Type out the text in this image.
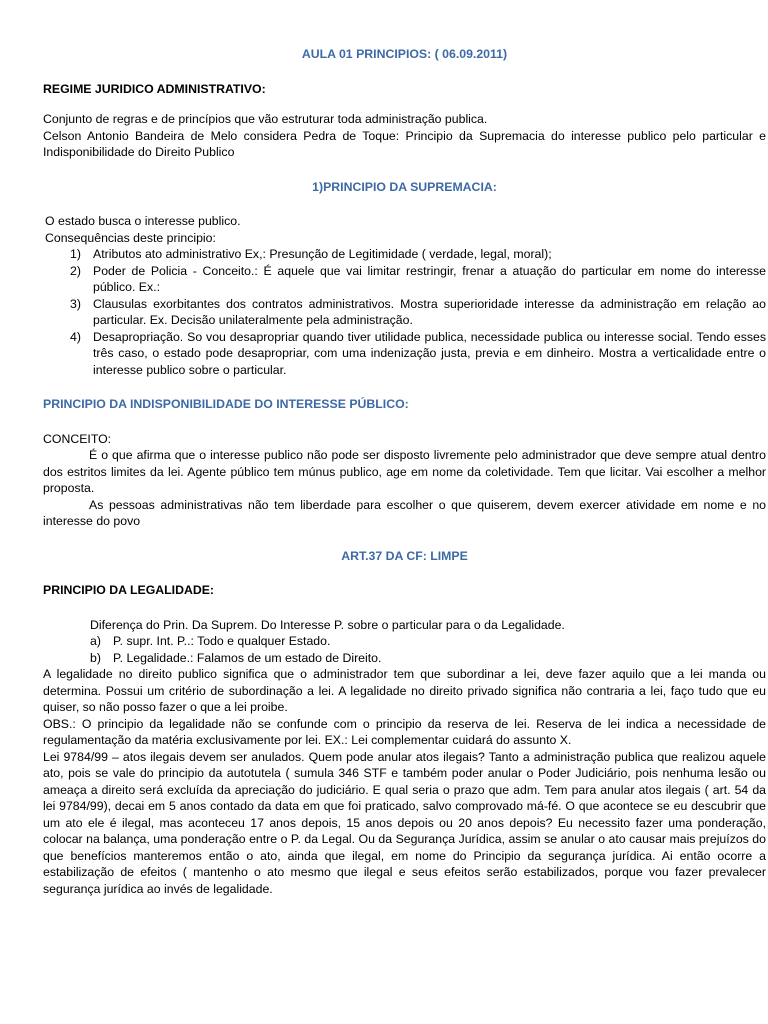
AULA 01 PRINCIPIOS: ( 06.09.2011)

REGIME JURIDICO ADMINISTRATIVO:

Conjunto de regras e de princípios que vão estruturar toda administração publica.

Celson Antonio Bandeira de Melo considera Pedra de Toque: Principio da Supremacia do interesse publico pelo particular e Indisponibilidade do Direito Publico

1)PRINCIPIO DA SUPREMACIA:

O estado busca o interesse publico.

Consequências deste principio:

1) Atributos ato administrativo Ex,: Presunção de Legitimidade ( verdade, legal, moral);
2) Poder de Policia - Conceito.: É aquele que vai limitar restringir, frenar a atuação do particular em nome do interesse público. Ex.:
3) Clausulas exorbitantes dos contratos administrativos. Mostra superioridade interesse da administração em relação ao particular. Ex. Decisão unilateralmente pela administração.
4) Desapropriação. So vou desapropriar quando tiver utilidade publica, necessidade publica ou interesse social. Tendo esses três caso, o estado pode desapropriar, com uma indenização justa, previa e em dinheiro. Mostra a verticalidade entre o interesse publico sobre o particular.

PRINCIPIO DA INDISPONIBILIDADE DO INTERESSE PÚBLICO:

CONCEITO:

É o que afirma que o interesse publico não pode ser disposto livremente pelo administrador que deve sempre atual dentro dos estritos limites da lei. Agente público tem múnus publico, age em nome da coletividade. Tem que licitar. Vai escolher a melhor proposta.

As pessoas administrativas não tem liberdade para escolher o que quiserem, devem exercer atividade em nome e no interesse do povo

ART.37 DA CF: LIMPE

PRINCIPIO DA LEGALIDADE:

Diferença do Prin. Da Suprem. Do Interesse P. sobre o particular para o da Legalidade.

a) P. supr. Int. P..: Todo e qualquer Estado.

b) P. Legalidade.: Falamos de um estado de Direito.

A legalidade no direito publico significa que o administrador tem que subordinar a lei, deve fazer aquilo que a lei manda ou determina. Possui um critério de subordinação a lei. A legalidade no direito privado significa não contraria a lei, faço tudo que eu quiser, so não posso fazer o que a lei proibe.

OBS.: O principio da legalidade não se confunde com o principio da reserva de lei. Reserva de lei indica a necessidade de regulamentação da matéria exclusivamente por lei. EX.: Lei complementar cuidará do assunto X.

Lei 9784/99 – atos ilegais devem ser anulados. Quem pode anular atos ilegais? Tanto a administração publica que realizou aquele ato, pois se vale do principio da autotutela ( sumula 346 STF e também poder anular o Poder Judiciário, pois nenhuma lesão ou ameaça a direito será excluída da apreciação do judiciário. E qual seria o prazo que adm. Tem para anular atos ilegais ( art. 54 da lei 9784/99), decai em 5 anos contado da data em que foi praticado, salvo comprovado má-fé. O que acontece se eu descubrir que um ato ele é ilegal, mas aconteceu 17 anos depois, 15 anos depois ou 20 anos depois? Eu necessito fazer uma ponderação, colocar na balança, uma ponderação entre o P. da Legal. Ou da Segurança Jurídica, assim se anular o ato causar mais prejuízos do que benefícios manteremos então o ato, ainda que ilegal, em nome do Principio da segurança jurídica. Ai então ocorre a estabilização de efeitos ( mantenho o ato mesmo que ilegal e seus efeitos serão estabilizados, porque vou fazer prevalecer segurança jurídica ao invés de legalidade.
